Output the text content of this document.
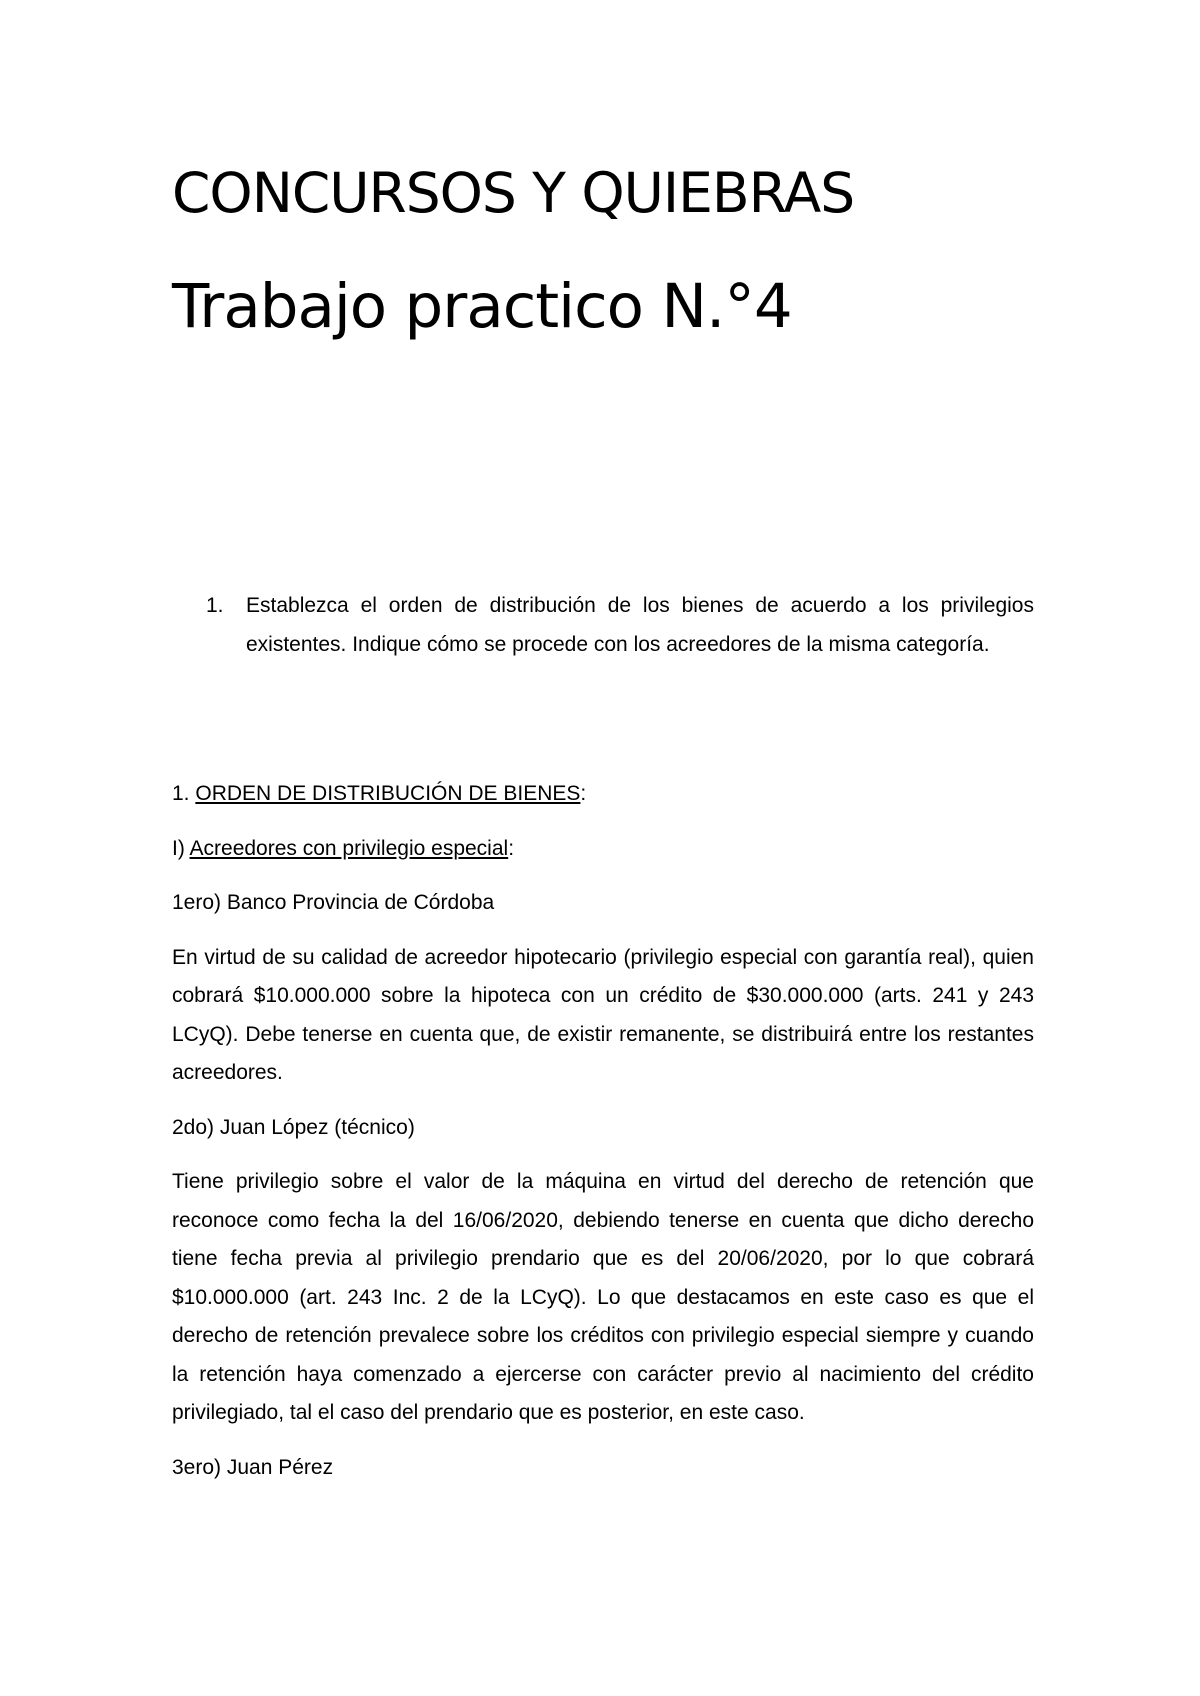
CONCURSOS Y QUIEBRAS
Trabajo practico N.°4
1.	Establezca el orden de distribución de los bienes de acuerdo a los privilegios existentes. Indique cómo se procede con los acreedores de la misma categoría.

1. ORDEN DE DISTRIBUCIÓN DE BIENES:

I) Acreedores con privilegio especial:

1ero) Banco Provincia de Córdoba

En virtud de su calidad de acreedor hipotecario (privilegio especial con garantía real), quien cobrará $10.000.000 sobre la hipoteca con un crédito de $30.000.000 (arts. 241 y 243 LCyQ). Debe tenerse en cuenta que, de existir remanente, se distribuirá entre los restantes acreedores.

2do) Juan López (técnico)

Tiene privilegio sobre el valor de la máquina en virtud del derecho de retención que reconoce como fecha la del 16/06/2020, debiendo tenerse en cuenta que dicho derecho tiene fecha previa al privilegio prendario que es del 20/06/2020, por lo que cobrará $10.000.000 (art. 243 Inc. 2 de la LCyQ). Lo que destacamos en este caso es que el derecho de retención prevalece sobre los créditos con privilegio especial siempre y cuando la retención haya comenzado a ejercerse con carácter previo al nacimiento del crédito privilegiado, tal el caso del prendario que es posterior, en este caso.

3ero) Juan Pérez
